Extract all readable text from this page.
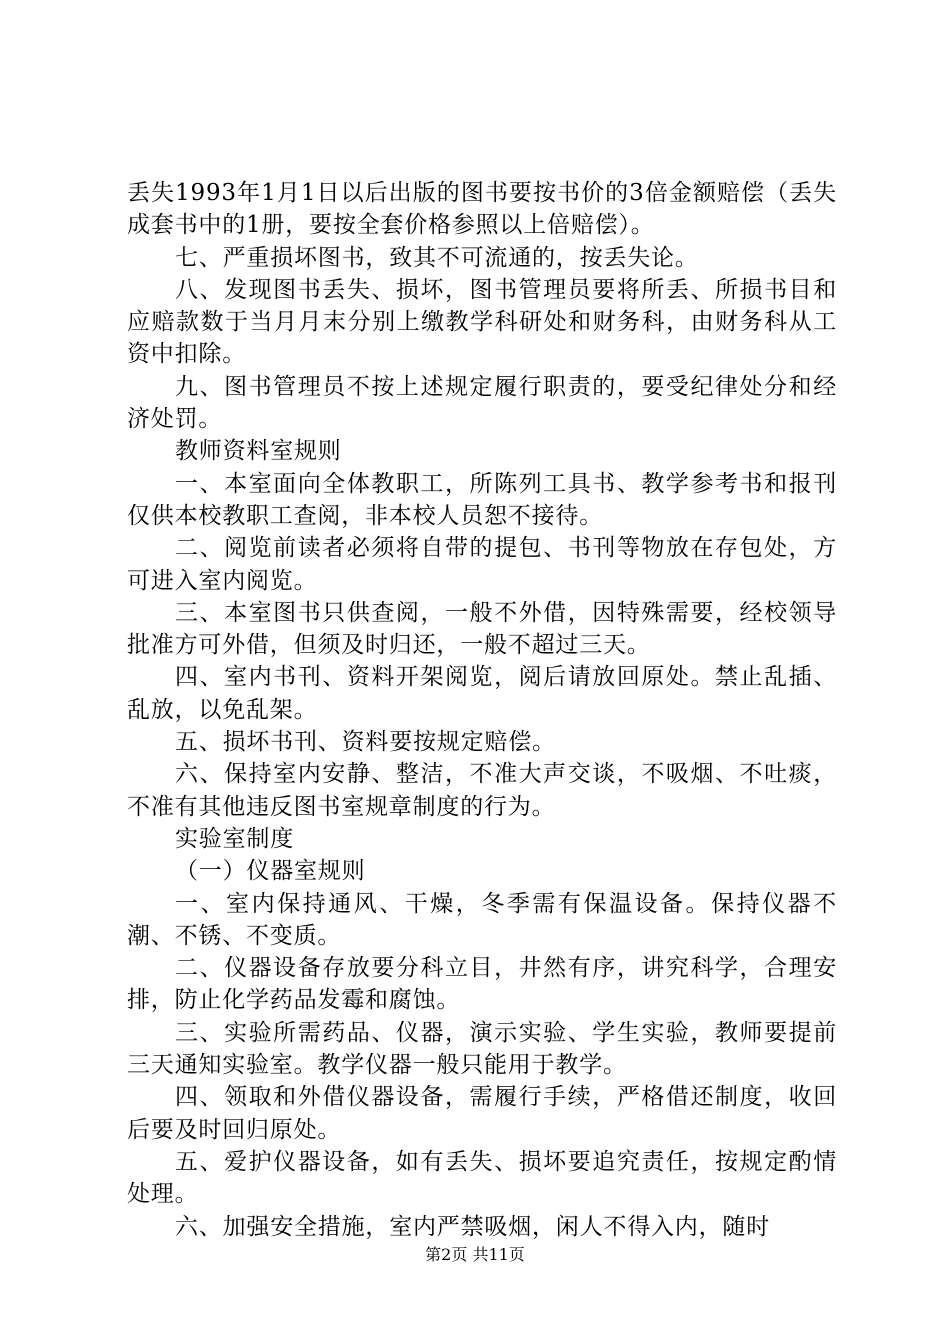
丢失1993年1月1日以后出版的图书要按书价的3倍金额赔偿（丢失成套书中的1册，要按全套价格参照以上倍赔偿）。

七、严重损坏图书，致其不可流通的，按丢失论。

八、发现图书丢失、损坏，图书管理员要将所丢、所损书目和应赔款数于当月月末分别上缴教学科研处和财务科，由财务科从工资中扣除。

九、图书管理员不按上述规定履行职责的，要受纪律处分和经济处罚。

教师资料室规则

一、本室面向全体教职工，所陈列工具书、教学参考书和报刊仅供本校教职工查阅，非本校人员恕不接待。

二、阅览前读者必须将自带的提包、书刊等物放在存包处，方可进入室内阅览。

三、本室图书只供查阅，一般不外借，因特殊需要，经校领导批准方可外借，但须及时归还，一般不超过三天。

四、室内书刊、资料开架阅览，阅后请放回原处。禁止乱插、乱放，以免乱架。

五、损坏书刊、资料要按规定赔偿。

六、保持室内安静、整洁，不准大声交谈，不吸烟、不吐痰，不准有其他违反图书室规章制度的行为。

实验室制度

（一）仪器室规则

一、室内保持通风、干燥，冬季需有保温设备。保持仪器不潮、不锈、不变质。

二、仪器设备存放要分科立目，井然有序，讲究科学，合理安排，防止化学药品发霉和腐蚀。

三、实验所需药品、仪器，演示实验、学生实验，教师要提前三天通知实验室。教学仪器一般只能用于教学。

四、领取和外借仪器设备，需履行手续，严格借还制度，收回后要及时回归原处。

五、爱护仪器设备，如有丢失、损坏要追究责任，按规定酌情处理。

六、加强安全措施，室内严禁吸烟，闲人不得入内，随时

第2页 共11页
